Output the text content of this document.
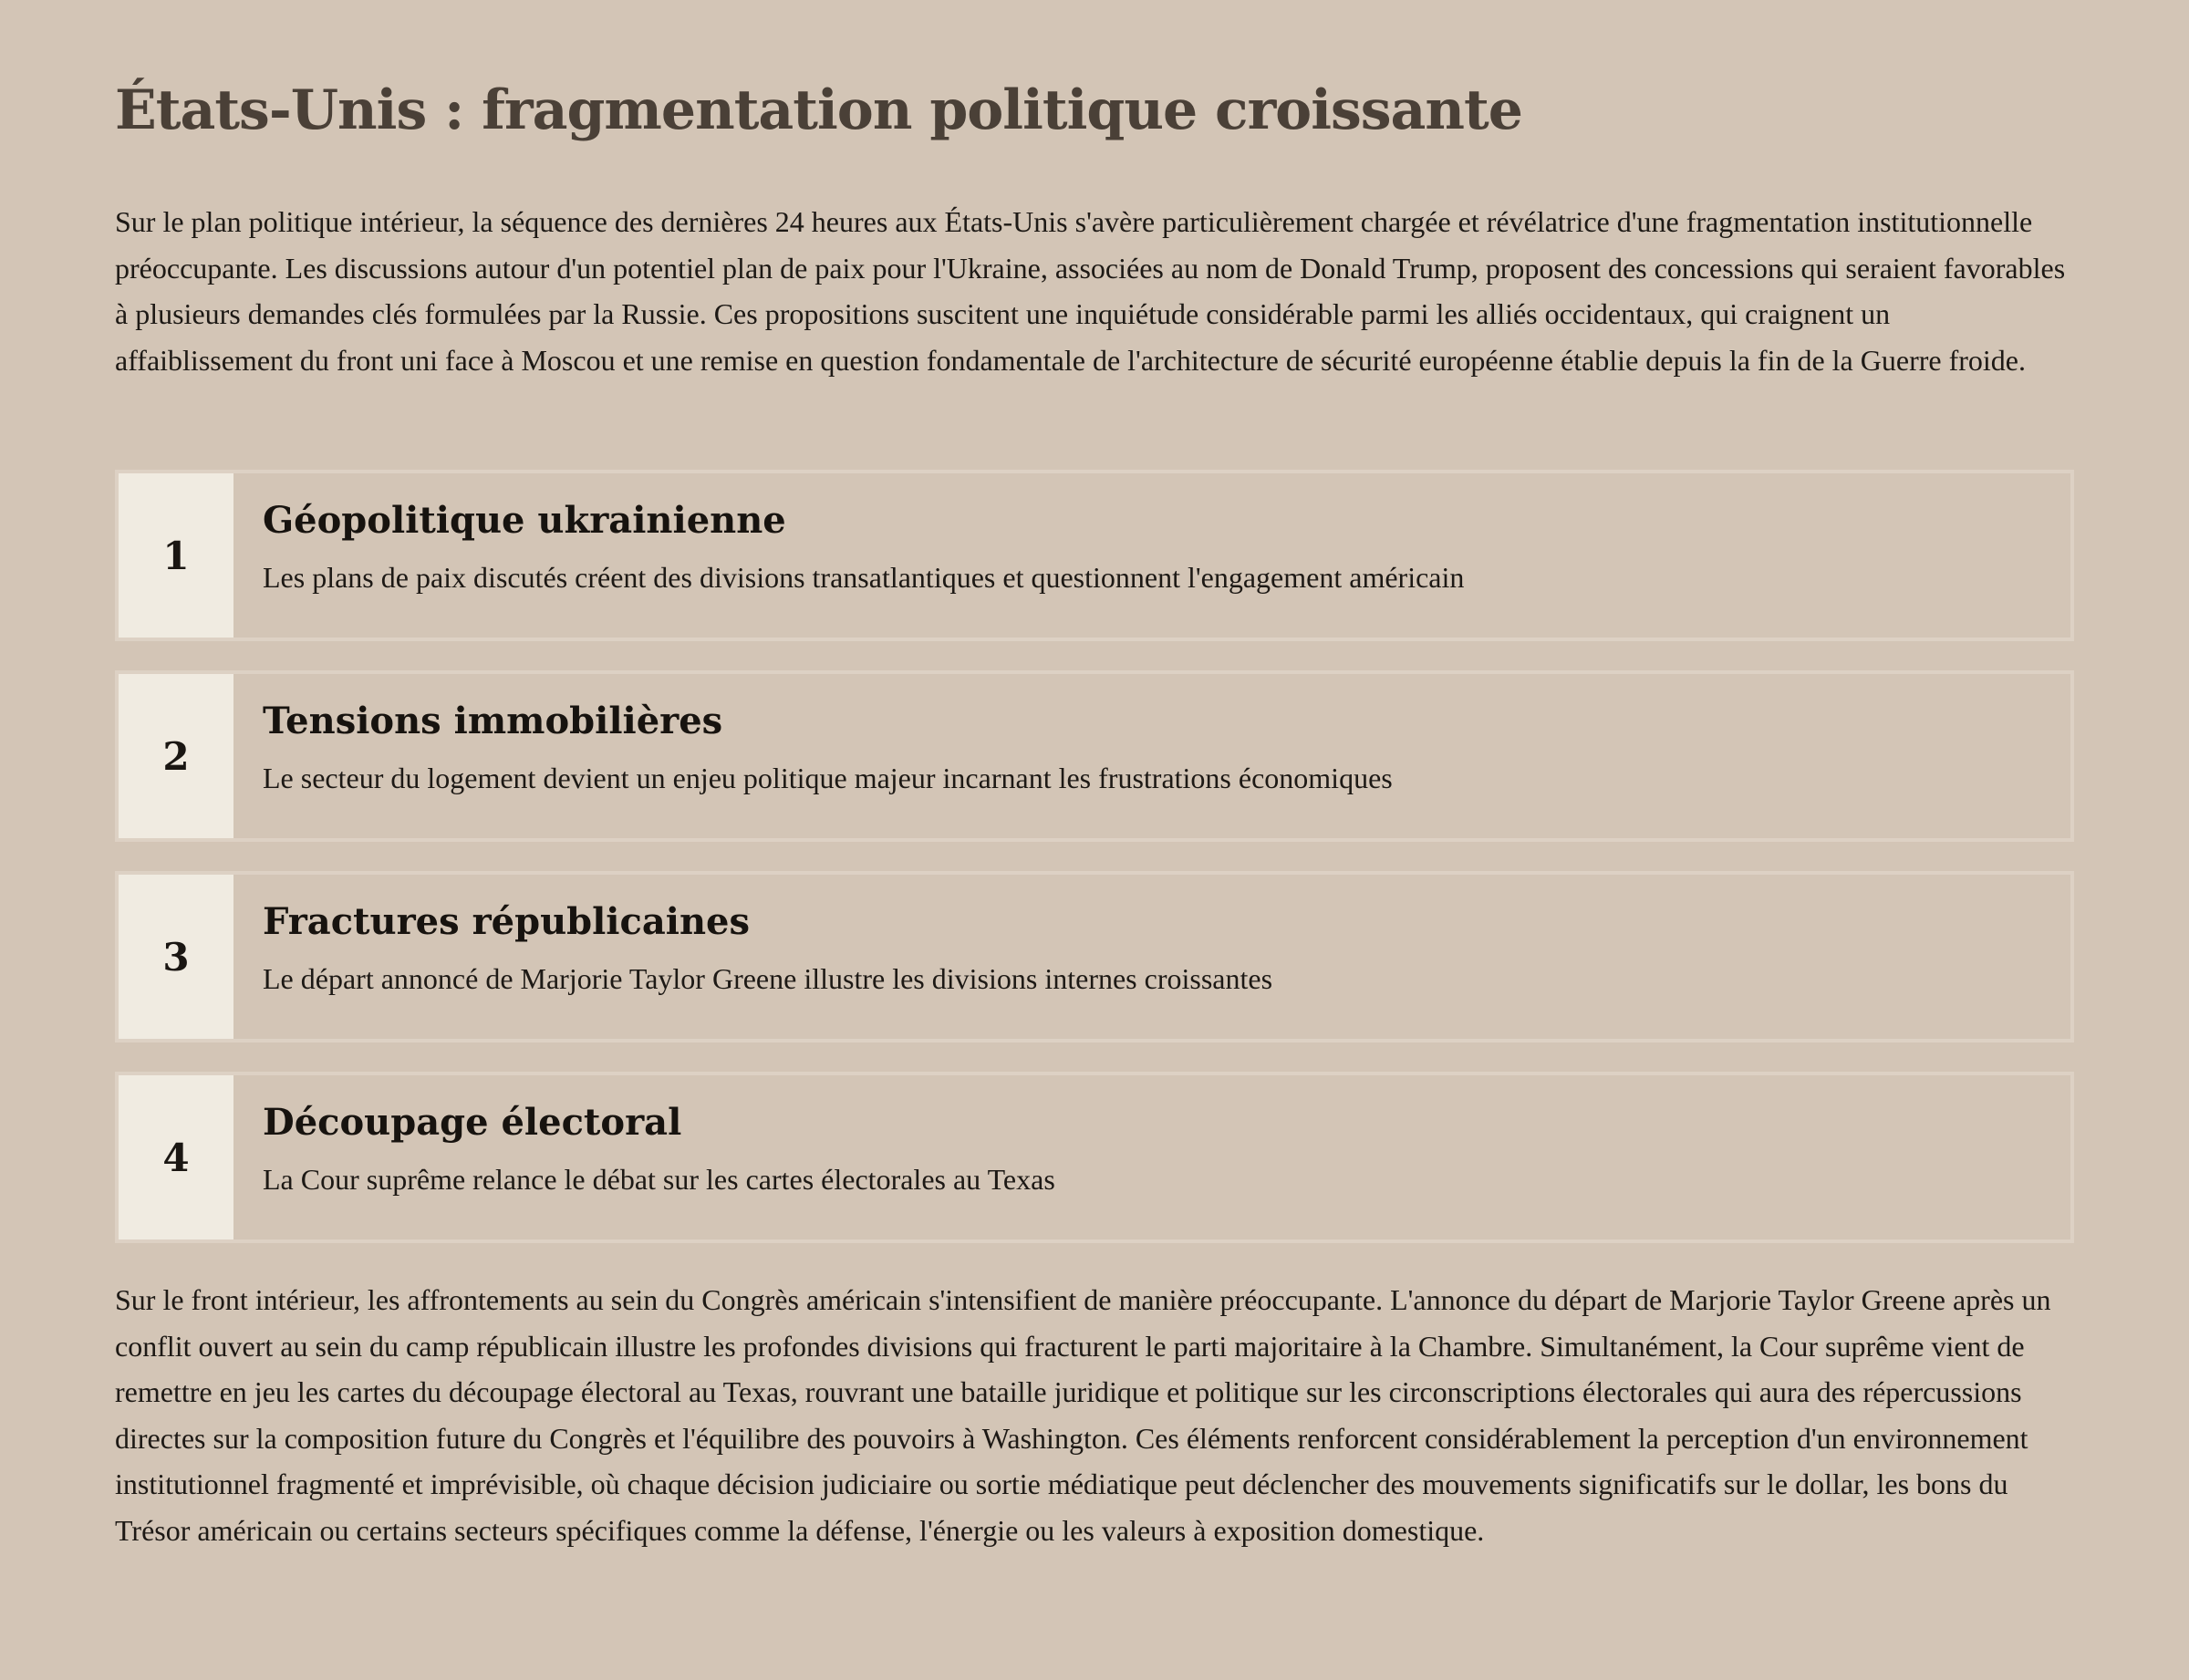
États-Unis : fragmentation politique croissante

Sur le plan politique intérieur, la séquence des dernières 24 heures aux États-Unis s'avère particulièrement chargée et révélatrice d'une fragmentation institutionnelle préoccupante. Les discussions autour d'un potentiel plan de paix pour l'Ukraine, associées au nom de Donald Trump, proposent des concessions qui seraient favorables à plusieurs demandes clés formulées par la Russie. Ces propositions suscitent une inquiétude considérable parmi les alliés occidentaux, qui craignent un affaiblissement du front uni face à Moscou et une remise en question fondamentale de l'architecture de sécurité européenne établie depuis la fin de la Guerre froide.

1

Géopolitique ukrainienne

Les plans de paix discutés créent des divisions transatlantiques et questionnent l'engagement américain

2

Tensions immobilières

Le secteur du logement devient un enjeu politique majeur incarnant les frustrations économiques

3

Fractures républicaines

Le départ annoncé de Marjorie Taylor Greene illustre les divisions internes croissantes

4

Découpage électoral

La Cour suprême relance le débat sur les cartes électorales au Texas

Sur le front intérieur, les affrontements au sein du Congrès américain s'intensifient de manière préoccupante. L'annonce du départ de Marjorie Taylor Greene après un conflit ouvert au sein du camp républicain illustre les profondes divisions qui fracturent le parti majoritaire à la Chambre. Simultanément, la Cour suprême vient de remettre en jeu les cartes du découpage électoral au Texas, rouvrant une bataille juridique et politique sur les circonscriptions électorales qui aura des répercussions directes sur la composition future du Congrès et l'équilibre des pouvoirs à Washington. Ces éléments renforcent considérablement la perception d'un environnement institutionnel fragmenté et imprévisible, où chaque décision judiciaire ou sortie médiatique peut déclencher des mouvements significatifs sur le dollar, les bons du Trésor américain ou certains secteurs spécifiques comme la défense, l'énergie ou les valeurs à exposition domestique.
